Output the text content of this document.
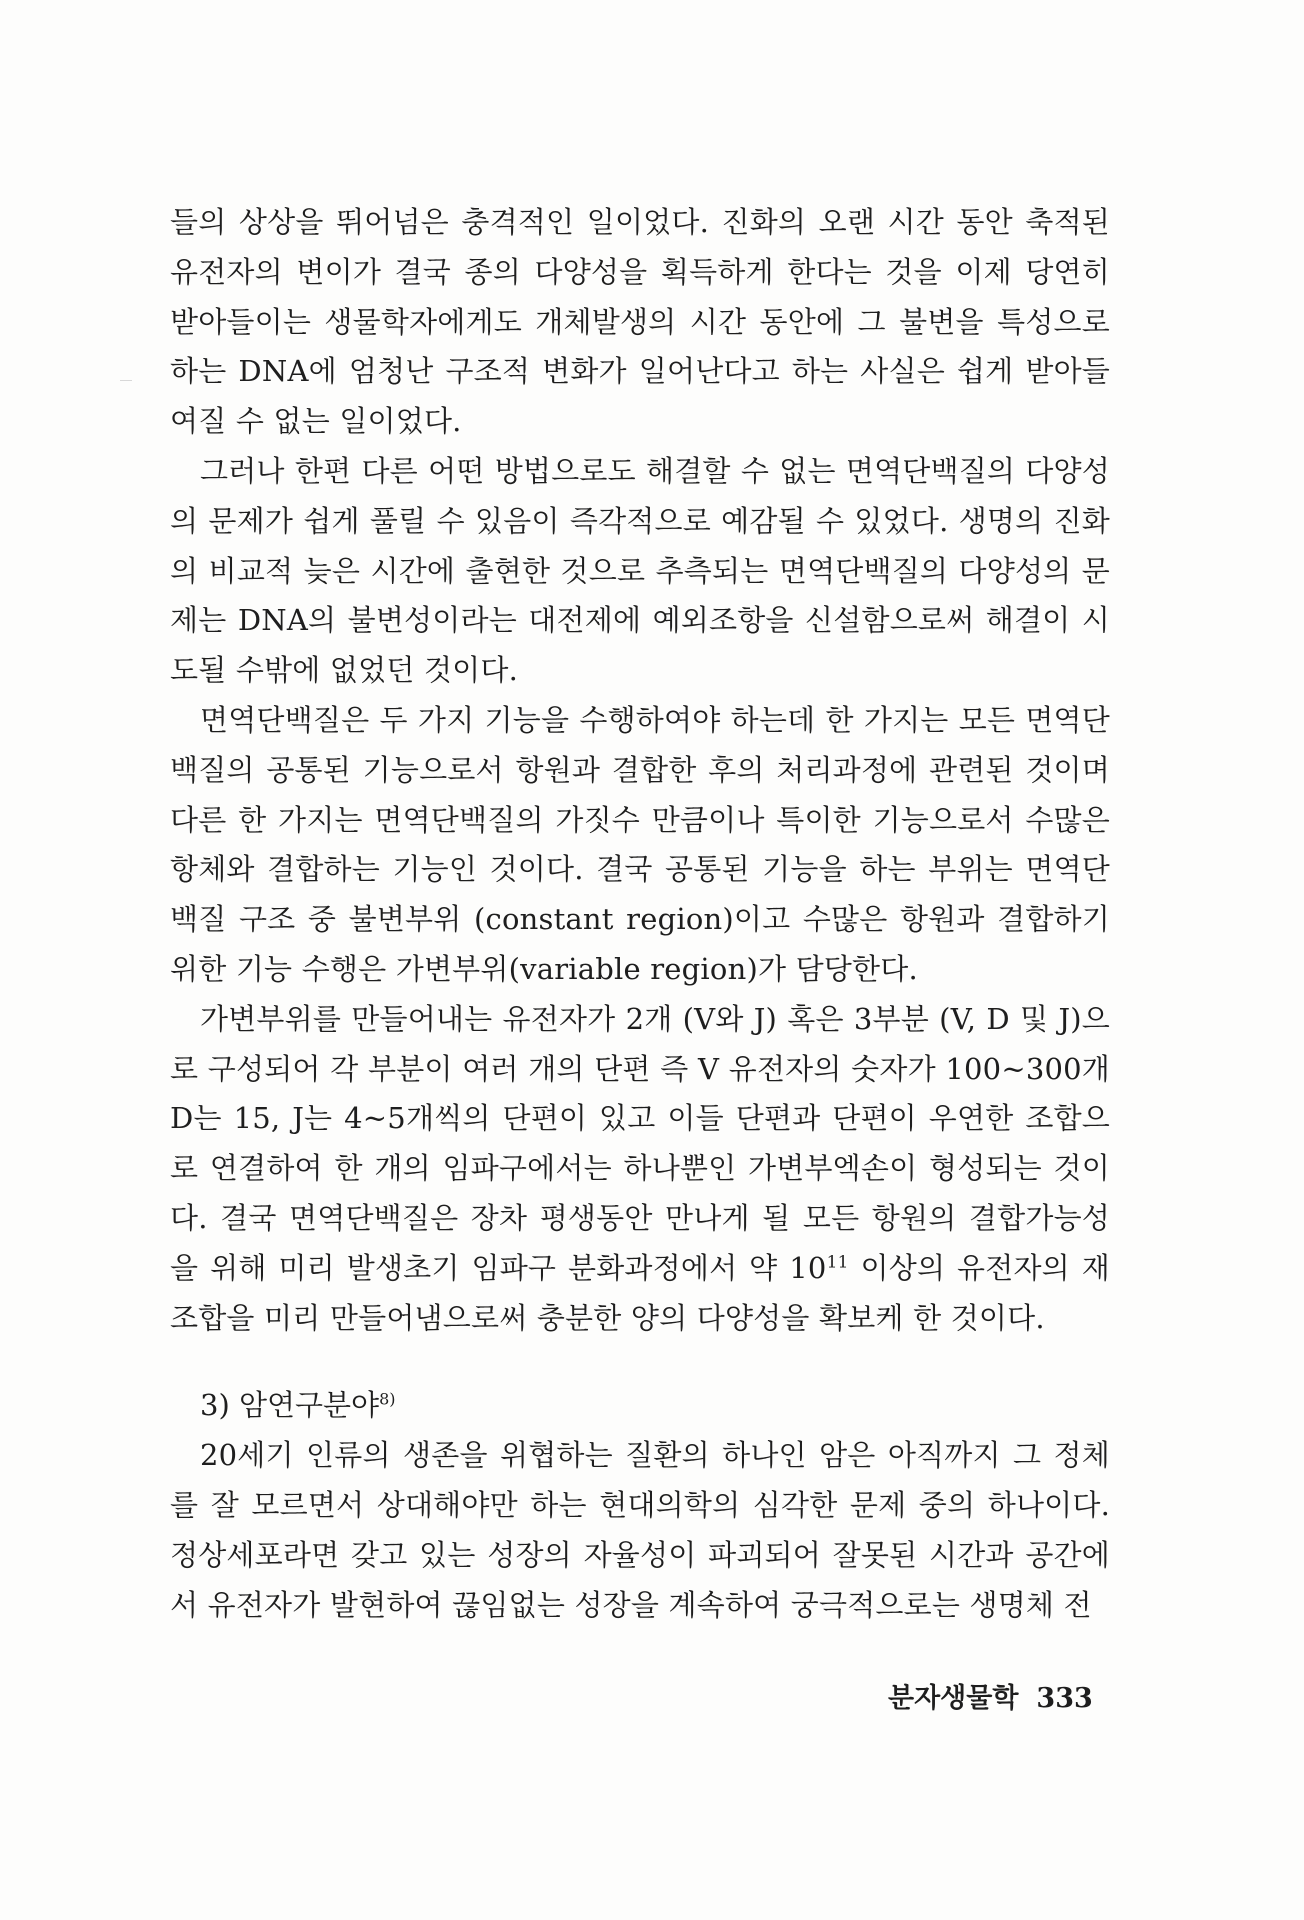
들의 상상을 뛰어넘은 충격적인 일이었다. 진화의 오랜 시간 동안 축적된 유전자의 변이가 결국 종의 다양성을 획득하게 한다는 것을 이제 당연히 받아들이는 생물학자에게도 개체발생의 시간 동안에 그 불변을 특성으로 하는 DNA에 엄청난 구조적 변화가 일어난다고 하는 사실은 쉽게 받아들여질 수 없는 일이었다.

그러나 한편 다른 어떤 방법으로도 해결할 수 없는 면역단백질의 다양성의 문제가 쉽게 풀릴 수 있음이 즉각적으로 예감될 수 있었다. 생명의 진화의 비교적 늦은 시간에 출현한 것으로 추측되는 면역단백질의 다양성의 문제는 DNA의 불변성이라는 대전제에 예외조항을 신설함으로써 해결이 시도될 수밖에 없었던 것이다.

면역단백질은 두 가지 기능을 수행하여야 하는데 한 가지는 모든 면역단백질의 공통된 기능으로서 항원과 결합한 후의 처리과정에 관련된 것이며 다른 한 가지는 면역단백질의 가짓수 만큼이나 특이한 기능으로서 수많은 항체와 결합하는 기능인 것이다. 결국 공통된 기능을 하는 부위는 면역단백질 구조 중 불변부위 (constant region)이고 수많은 항원과 결합하기 위한 기능 수행은 가변부위(variable region)가 담당한다.

가변부위를 만들어내는 유전자가 2개 (V와 J) 혹은 3부분 (V, D 및 J)으로 구성되어 각 부분이 여러 개의 단편 즉 V 유전자의 숫자가 100~300개 D는 15, J는 4~5개씩의 단편이 있고 이들 단편과 단편이 우연한 조합으로 연결하여 한 개의 임파구에서는 하나뿐인 가변부엑손이 형성되는 것이다. 결국 면역단백질은 장차 평생동안 만나게 될 모든 항원의 결합가능성을 위해 미리 발생초기 임파구 분화과정에서 약 $10^{11}$ 이상의 유전자의 재조합을 미리 만들어냄으로써 충분한 양의 다양성을 확보케 한 것이다.

3) 암연구분야$^{8)}$

20세기 인류의 생존을 위협하는 질환의 하나인 암은 아직까지 그 정체를 잘 모르면서 상대해야만 하는 현대의학의 심각한 문제 중의 하나이다. 정상세포라면 갖고 있는 성장의 자율성이 파괴되어 잘못된 시간과 공간에서 유전자가 발현하여 끊임없는 성장을 계속하여 궁극적으로는 생명체 전

분자생물학 333
